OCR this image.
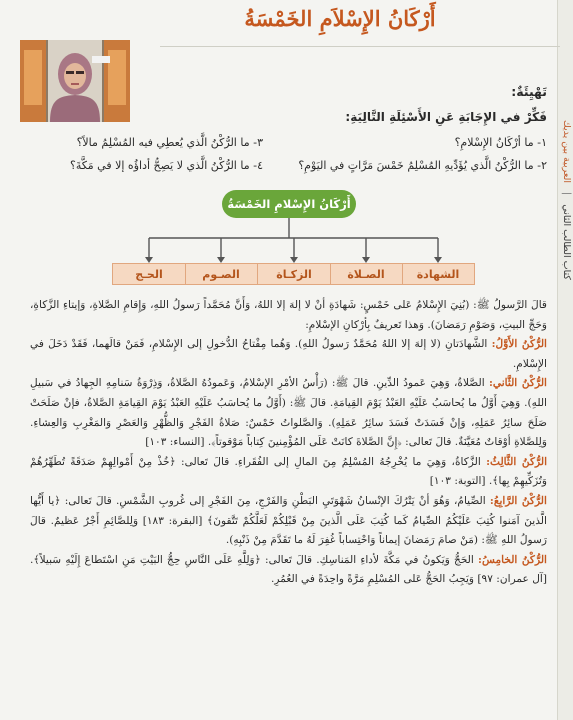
كتاب الطالب الثاني | العربية بين يديك
أَرْكَانُ الإِسْلاَمِ الخَمْسَةُ
تَهْيِئَةٌ:
فَكِّرْ في الإِجَابَةِ عَنِ الأَسْئِلَةِ التَّالِيَةِ:
١- ما أرْكَانُ الإِسْلامِ؟
٣- ما الرُّكْنُ الَّذي يُعطِي فيه المُسْلِمُ مالاً؟
٢- ما الرُّكْنُ الَّذي يُؤَدِّيهِ المُسْلِمُ خَمْسَ مَرَّاتٍ في اليَوْمِ؟
٤- ما الرُّكْنُ الَّذي لا يَصِحُّ أداؤُه إلا في مَكَّةَ؟
أَرْكَانُ الإِسْلامِ الخَمْسَةُ
الشهادة
الصـلاة
الزكـاة
الصـوم
الحـج

قالَ الرَّسولُ ﷺ: (بُنِيَ الإِسْلامُ عَلى خَمْسٍ: شَهادَةِ أنْ لا إلهَ إلا اللهُ، وَأَنَّ مُحَمَّداً رَسولُ اللهِ، وَإِقامِ الصَّلاةِ، وَإيتاءِ الزَّكاةِ، وَحَجِّ البيتِ، وَصَوْمِ رَمَضانَ). وَهذا تَعريفٌ بِأرْكانِ الإسْلامِ:

الرُّكْنُ الأَوَّلُ: الشَّهادَتانِ (لا إلهَ إلا اللهُ مُحَمَّدٌ رَسولُ اللهِ). وَهُما مِفْتاحُ الدُّخولِ إلى الإِسْلامِ، فَمَنْ قالَهما، فَقَدْ دَخَلَ في الإِسْلامِ.

الرُّكْنُ الثَّاني: الصَّلاةُ، وَهِيَ عَمودُ الدِّينِ. قالَ ﷺ: (رَأْسُ الأمْرِ الإسْلامُ، وَعَمودُهُ الصَّلاةُ، وَذِرْوَةُ سَنامِهِ الجِهادُ في سَبيلِ اللهِ). وَهِيَ أَوَّلُ ما يُحاسَبُ عَلَيْهِ العَبْدُ يَوْمَ القِيامَةِ. قالَ ﷺ: (أَوَّلُ ما يُحاسَبُ عَلَيْهِ العَبْدُ يَوْمَ القِيامَةِ الصَّلاةُ، فإنْ صَلَحَتْ صَلَحَ سائِرُ عَمَلِهِ، وَإنْ فَسَدَتْ فَسَدَ سائِرُ عَمَلِهِ). وَالصَّلواتُ خَمْسٌ: صَلاةُ الفَجْرِ وَالظُّهْرِ وَالعَصْرِ وَالمَغْرِبِ وَالعِشاءِ. وَلِلصَّلاةِ أوْقاتٌ مُعَيَّنَةٌ. قالَ تَعالى: ﴿إِنَّ الصَّلاةَ كانَتْ عَلَى المُؤْمِنينَ كِتاباً مَوْقوتاً﴾. [النساء: ١٠٣]

الرُّكْنُ الثَّالِثُ: الزَّكاةُ، وَهِيَ ما يُخْرِجُهُ المُسْلِمُ مِنَ المالِ إلى الفُقَراءِ. قالَ تَعالى: ﴿خُذْ مِنْ أَمْوالِهِمْ صَدَقَةً تُطَهِّرُهُمْ وَتُزَكِّيهِمْ بِها﴾. [التوبة: ١٠٣]

الرُّكْنُ الرَّابِعُ: الصِّيامُ، وَهُوَ أنْ يَتْرُكَ الإنْسانُ شَهْوَتَيِ البَطْنِ وَالفَرْجِ، مِنَ الفَجْرِ إلى غُروبِ الشَّمْسِ. قالَ تَعالى: ﴿يا أَيُّها الَّذينَ آمَنوا كُتِبَ عَلَيْكُمُ الصِّيامُ كَما كُتِبَ عَلَى الَّذينَ مِنْ قَبْلِكُمْ لَعَلَّكُمْ تَتَّقونَ﴾ [البقرة: ١٨٣] وَلِلصَّائِمِ أَجْرٌ عَظيمٌ. قالَ رَسولُ اللهِ ﷺ: (مَنْ صامَ رَمَضانَ إيماناً وَاحْتِساباً غُفِرَ لَهُ ما تَقَدَّمَ مِنْ ذَنْبِهِ).

الرُّكْنُ الخامِسُ: الحَجُّ وَيَكونُ في مَكَّةَ لأداءِ المَناسِكِ. قالَ تَعالى: ﴿وَلِلَّهِ عَلَى النَّاسِ حِجُّ البَيْتِ مَنِ اسْتَطاعَ إِلَيْهِ سَبيلاً﴾. [آل عمران: ٩٧] وَيَجِبُ الحَجُّ عَلى المُسْلِمِ مَرَّةً واحِدَةً في العُمُرِ.
